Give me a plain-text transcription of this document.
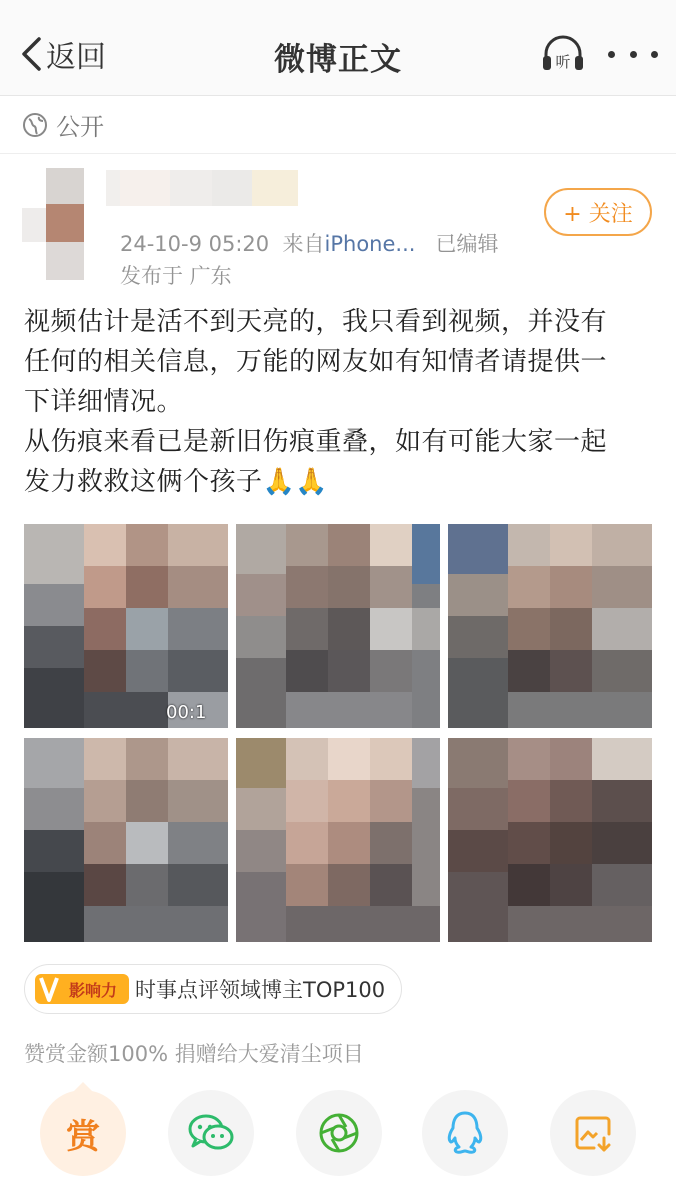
返回	微博正文	听
公开
24-10-9 05:20 来自iPhone... 已编辑
发布于 广东
+ 关注

视频估计是活不到天亮的，我只看到视频，并没有

任何的相关信息，万能的网友如有知情者请提供一

下详细情况。

从伤痕来看已是新旧伤痕重叠，如有可能大家一起

发力救救这俩个孩子🙏🙏

00:1
影响力 时事点评领域博主TOP100
赞赏金额100% 捐赠给大爱清尘项目
赏
